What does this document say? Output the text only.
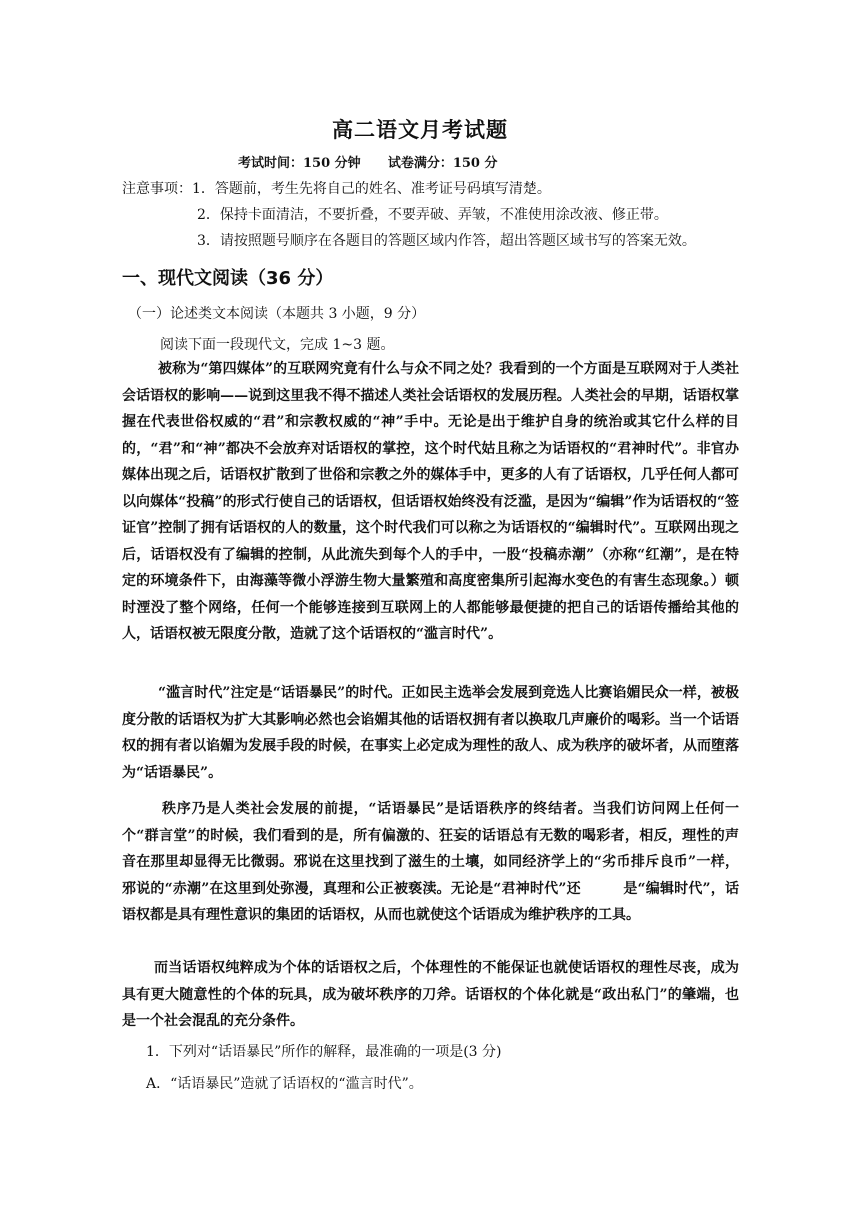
高二语文月考试题
考试时间：150 分钟      试卷满分：150 分
注意事项：1．答题前，考生先将自己的姓名、准考证号码填写清楚。
2．保持卡面清洁，不要折叠，不要弄破、弄皱，不准使用涂改液、修正带。
3．请按照题号顺序在各题目的答题区域内作答，超出答题区域书写的答案无效。
一、现代文阅读（36 分）
（一）论述类文本阅读（本题共 3 小题，9 分）
阅读下面一段现代文，完成 1~3 题。
被称为“第四媒体”的互联网究竟有什么与众不同之处？我看到的一个方面是互联网对于人类社会话语权的影响——说到这里我不得不描述人类社会话语权的发展历程。人类社会的早期，话语权掌握在代表世俗权威的“君”和宗教权威的“神”手中。无论是出于维护自身的统治或其它什么样的目的，“君”和“神”都决不会放弃对话语权的掌控，这个时代姑且称之为话语权的“君神时代”。非官办媒体出现之后，话语权扩散到了世俗和宗教之外的媒体手中，更多的人有了话语权，几乎任何人都可以向媒体“投稿”的形式行使自己的话语权，但话语权始终没有泛滥，是因为“编辑”作为话语权的“签证官”控制了拥有话语权的人的数量，这个时代我们可以称之为话语权的“编辑时代”。互联网出现之后，话语权没有了编辑的控制，从此流失到每个人的手中，一股“投稿赤潮”（亦称“红潮”，是在特定的环境条件下，由海藻等微小浮游生物大量繁殖和高度密集所引起海水变色的有害生态现象。）顿时湮没了整个网络，任何一个能够连接到互联网上的人都能够最便捷的把自己的话语传播给其他的人，话语权被无限度分散，造就了这个话语权的“滥言时代”。
“滥言时代”注定是“话语暴民”的时代。正如民主选举会发展到竞选人比赛谄媚民众一样，被极度分散的话语权为扩大其影响必然也会谄媚其他的话语权拥有者以换取几声廉价的喝彩。当一个话语权的拥有者以谄媚为发展手段的时候，在事实上必定成为理性的敌人、成为秩序的破坏者，从而堕落为“话语暴民”。
秩序乃是人类社会发展的前提，“话语暴民”是话语秩序的终结者。当我们访问网上任何一个“群言堂”的时候，我们看到的是，所有偏激的、狂妄的话语总有无数的喝彩者，相反，理性的声音在那里却显得无比微弱。邪说在这里找到了滋生的土壤，如同经济学上的“劣币排斥良币”一样，邪说的“赤潮”在这里到处弥漫，真理和公正被亵渎。无论是“君神时代”还　　　是“编辑时代”，话语权都是具有理性意识的集团的话语权，从而也就使这个话语成为维护秩序的工具。
而当话语权纯粹成为个体的话语权之后，个体理性的不能保证也就使话语权的理性尽丧，成为具有更大随意性的个体的玩具，成为破坏秩序的刀斧。话语权的个体化就是“政出私门”的肇端，也是一个社会混乱的充分条件。
1．下列对“话语暴民”所作的解释，最准确的一项是(3 分)
A．“话语暴民”造就了话语权的“滥言时代”。
